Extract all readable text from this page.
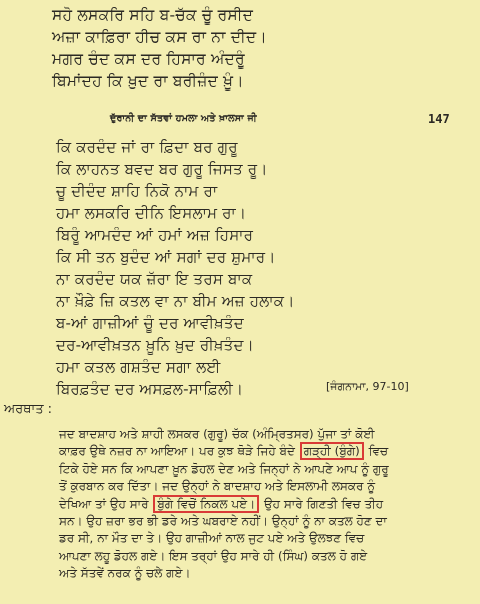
ਸਹੋ ਲਸਕਰਿ ਸਹਿ ਬ-ਚੱਕ ਚੂੰ ਰਸੀਦ
ਅਜ਼ਾ ਕਾਫ਼ਿਰਾ ਹੀਚ ਕਸ ਰਾ ਨਾ ਦੀਦ।
ਮਗਰ ਚੰਦ ਕਸ ਦਰ ਹਿਸਾਰ ਅੰਦਰੂੰ
ਬਿਮਾਂਦਹ ਕਿ ਖ਼ੁਦ ਰਾ ਬਰੀਜ਼ੰਦ ਖ਼ੂੰ।
ਦੁੱਰਾਨੀ ਦਾ ਸੱਤਵਾਂ ਹਮਲਾ ਅਤੇ ਖ਼ਾਲਸਾ ਜੀ	147
ਕਿ ਕਰਦੰਦ ਜਾਂ ਰਾ ਫ਼ਿਦਾ ਬਰ ਗੁਰੂ
ਕਿ ਲਾਹਨਤ ਬਵਦ ਬਰ ਗੁਰੂ ਜਿਸਤ ਰੂ।
ਚੂ ਦੀਦੰਦ ਸ਼ਾਹਿ ਨਿਕੋ ਨਾਮ ਰਾ
ਹਮਾ ਲਸਕਰਿ ਦੀਨਿ ਇਸਲਾਮ ਰਾ।
ਬਿਰੂੰ ਆਮਦੰਦ ਆਂ ਹਮਾਂ ਅਜ਼ ਹਿਸਾਰ
ਕਿ ਸੀ ਤਨ ਬੁਦੰਦ ਆਂ ਸਗਾਂ ਦਰ ਸ਼ੁਮਾਰ।
ਨਾ ਕਰਦੰਦ ਯਕ ਜ਼ੱਰਾ ਇ ਤਰਸ ਬਾਕ
ਨਾ ਖ਼ੌਫ਼ੇ ਜ਼ਿ ਕਤਲ ਵਾ ਨਾ ਬੀਮ ਅਜ਼ ਹਲਾਕ।
ਬ-ਆਂ ਗਾਜ਼ੀਆਂ ਚੂੰ ਦਰ ਆਵੀਖ਼ਤੰਦ
ਦਰ-ਆਵੀਖ਼ਤਨ ਖ਼ੂਨਿ ਖ਼ੁਦ ਰੀਖ਼ਤੰਦ।
ਹਮਾ ਕਤਲ ਗਸ਼ਤੰਦ ਸਗਾ ਲਈ
ਬਿਰਫ਼ਤੰਦ ਦਰ ਅਸਫ਼ਲ-ਸਾਫ਼ਿਲੀ।	[ਜੰਗਨਾਮਾ, 97-10]
ਅਰਥਾਤ :
ਜਦ ਬਾਦਸ਼ਾਹ ਅਤੇ ਸ਼ਾਹੀ ਲਸਕਰ (ਗੁਰੂ) ਚੱਕ (ਅੰਮ੍ਰਿਤਸਰ) ਪੁੱਜਾ ਤਾਂ ਕੋਈ
ਕਾਫ਼ਰ ਉਥੇ ਨਜ਼ਰ ਨਾ ਆਇਆ। ਪਰ ਕੁਝ ਥੋੜੇ ਜਿਹੇ ਬੰਦੇ ਗੜ੍ਹੀ (ਬੁੰਗੇ) ਵਿਚ
ਟਿਕੇ ਹੋਏ ਸਨ ਕਿ ਆਪਣਾ ਖ਼ੂਨ ਡੋਹਲ ਦੇਣ ਅਤੇ ਜਿਨ੍ਹਾਂ ਨੇ ਆਪਣੇ ਆਪ ਨੂੰ ਗੁਰੂ
ਤੋਂ ਕੁਰਬਾਨ ਕਰ ਦਿੱਤਾ। ਜਦ ਉਨ੍ਹਾਂ ਨੇ ਬਾਦਸ਼ਾਹ ਅਤੇ ਇਸਲਾਮੀ ਲਸਕਰ ਨੂੰ
ਦੇਖਿਆ ਤਾਂ ਉਹ ਸਾਰੇ ਬੁੰਗੇ ਵਿਚੋਂ ਨਿਕਲ ਪਏ। ਉਹ ਸਾਰੇ ਗਿਣਤੀ ਵਿਚ ਤੀਹ
ਸਨ। ਉਹ ਜ਼ਰਾ ਭਰ ਭੀ ਡਰੇ ਅਤੇ ਘਬਰਾਏ ਨਹੀਂ। ਉਨ੍ਹਾਂ ਨੂੰ ਨਾ ਕਤਲ ਹੋਣ ਦਾ
ਡਰ ਸੀ, ਨਾ ਮੌਤ ਦਾ ਤੇ। ਉਹ ਗਾਜ਼ੀਆਂ ਨਾਲ ਜੁਟ ਪਏ ਅਤੇ ਉਲਝਣ ਵਿਚ
ਆਪਣਾ ਲਹੂ ਡੋਹਲ ਗਏ। ਇਸ ਤਰ੍ਹਾਂ ਉਹ ਸਾਰੇ ਹੀ (ਸਿੰਘ) ਕਤਲ ਹੋ ਗਏ
ਅਤੇ ਸੱਤਵੇਂ ਨਰਕ ਨੂੰ ਚਲੇ ਗਏ।
